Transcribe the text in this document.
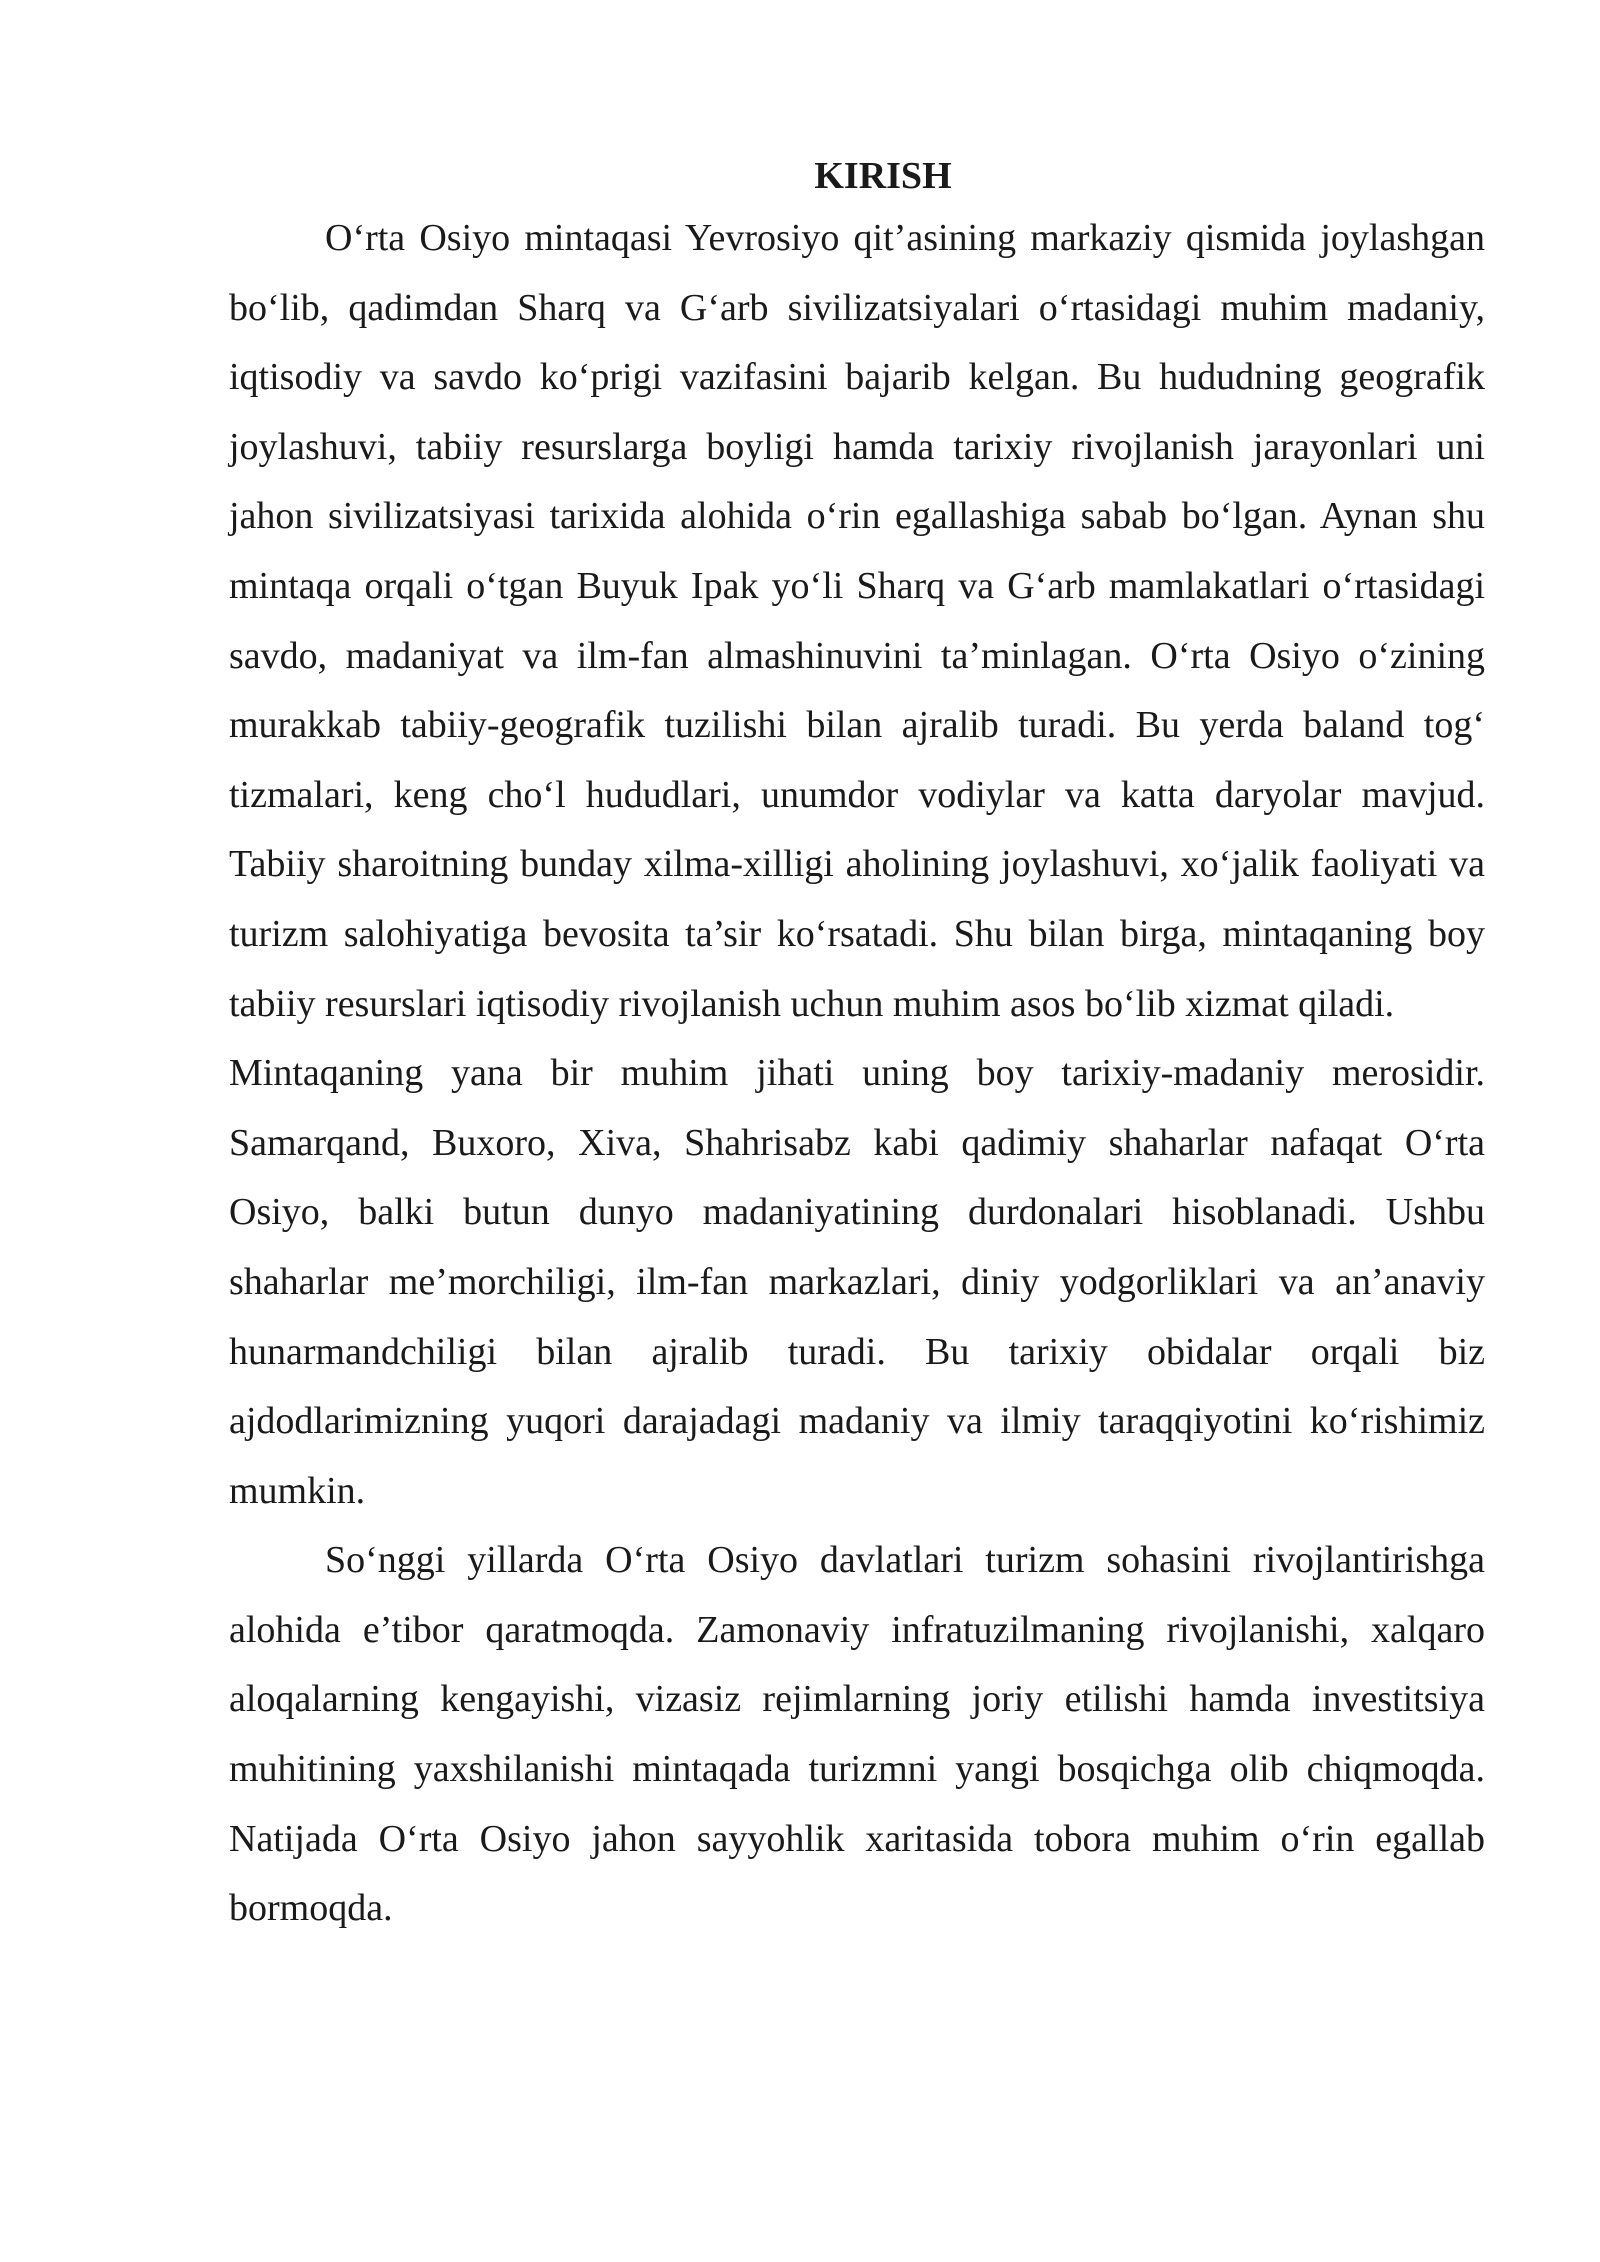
KIRISH

O‘rta Osiyo mintaqasi Yevrosiyo qit’asining markaziy qismida joylashgan bo‘lib, qadimdan Sharq va G‘arb sivilizatsiyalari o‘rtasidagi muhim madaniy, iqtisodiy va savdo ko‘prigi vazifasini bajarib kelgan. Bu hududning geografik joylashuvi, tabiiy resurslarga boyligi hamda tarixiy rivojlanish jarayonlari uni jahon sivilizatsiyasi tarixida alohida o‘rin egallashiga sabab bo‘lgan. Aynan shu mintaqa orqali o‘tgan Buyuk Ipak yo‘li Sharq va G‘arb mamlakatlari o‘rtasidagi savdo, madaniyat va ilm-fan almashinuvini ta’minlagan. O‘rta Osiyo o‘zining murakkab tabiiy-geografik tuzilishi bilan ajralib turadi. Bu yerda baland tog‘ tizmalari, keng cho‘l hududlari, unumdor vodiylar va katta daryolar mavjud. Tabiiy sharoitning bunday xilma-xilligi aholining joylashuvi, xo‘jalik faoliyati va turizm salohiyatiga bevosita ta’sir ko‘rsatadi. Shu bilan birga, mintaqaning boy tabiiy resurslari iqtisodiy rivojlanish uchun muhim asos bo‘lib xizmat qiladi.

Mintaqaning yana bir muhim jihati uning boy tarixiy-madaniy merosidir. Samarqand, Buxoro, Xiva, Shahrisabz kabi qadimiy shaharlar nafaqat O‘rta Osiyo, balki butun dunyo madaniyatining durdonalari hisoblanadi. Ushbu shaharlar me’morchiligi, ilm-fan markazlari, diniy yodgorliklari va an’anaviy hunarmandchiligi bilan ajralib turadi. Bu tarixiy obidalar orqali biz ajdodlarimizning yuqori darajadagi madaniy va ilmiy taraqqiyotini ko‘rishimiz mumkin.

So‘nggi yillarda O‘rta Osiyo davlatlari turizm sohasini rivojlantirishga alohida e’tibor qaratmoqda. Zamonaviy infratuzilmaning rivojlanishi, xalqaro aloqalarning kengayishi, vizasiz rejimlarning joriy etilishi hamda investitsiya muhitining yaxshilanishi mintaqada turizmni yangi bosqichga olib chiqmoqda. Natijada O‘rta Osiyo jahon sayyohlik xaritasida tobora muhim o‘rin egallab bormoqda.
